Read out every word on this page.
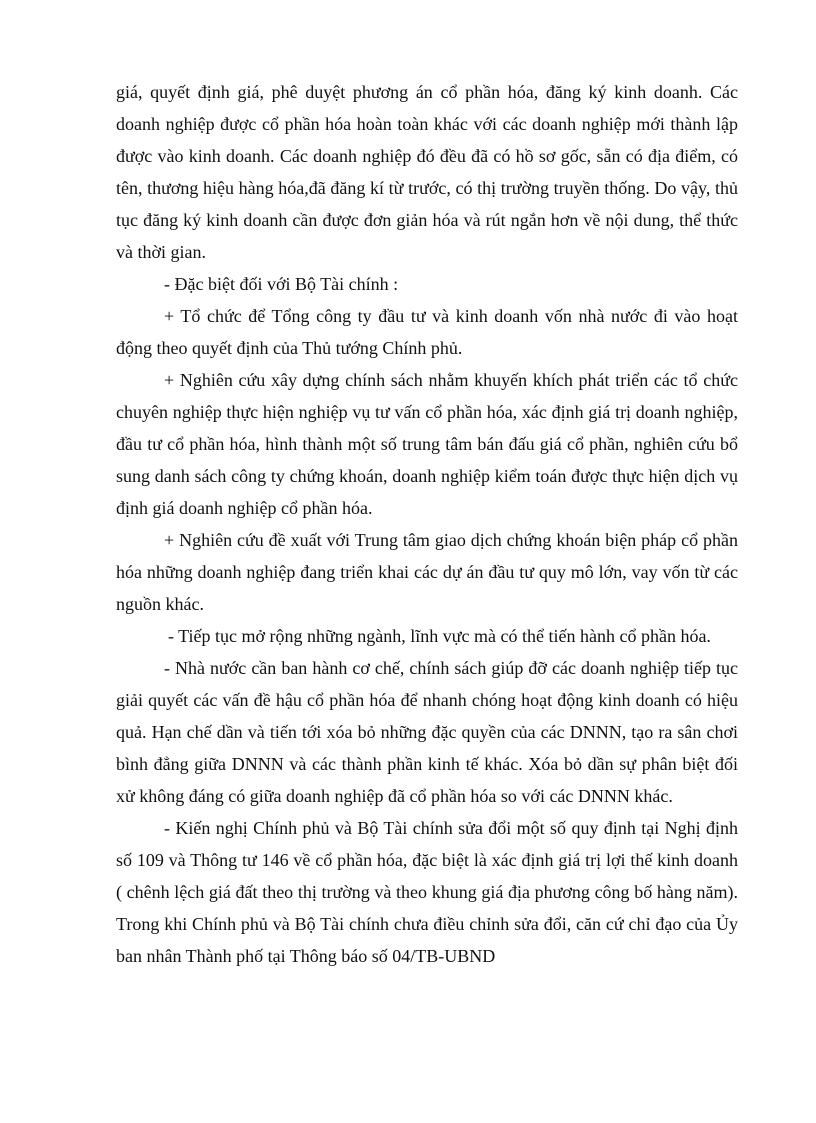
giá, quyết định giá, phê duyệt phương án cổ phần hóa, đăng ký kinh doanh. Các doanh nghiệp được cổ phần hóa hoàn toàn khác với các doanh nghiệp mới thành lập được vào kinh doanh. Các doanh nghiệp đó đều đã có hồ sơ gốc, sẵn có địa điểm, có tên, thương hiệu hàng hóa,đã đăng kí từ trước, có thị trường truyền thống. Do vậy, thủ tục đăng ký kinh doanh cần được đơn giản hóa và rút ngắn hơn về nội dung, thể thức và thời gian.

- Đặc biệt đối với Bộ Tài chính :

+ Tổ chức để Tổng công ty đầu tư và kinh doanh vốn nhà nước đi vào hoạt động theo quyết định của Thủ tướng Chính phủ.

+ Nghiên cứu xây dựng chính sách nhằm khuyến khích phát triển các tổ chức chuyên nghiệp thực hiện nghiệp vụ tư vấn cổ phần hóa, xác định giá trị doanh nghiệp, đầu tư cổ phần hóa, hình thành một số trung tâm bán đấu giá cổ phần, nghiên cứu bổ sung danh sách công ty chứng khoán, doanh nghiệp kiểm toán được thực hiện dịch vụ định giá doanh nghiệp cổ phần hóa.

+ Nghiên cứu đề xuất với Trung tâm giao dịch chứng khoán biện pháp cổ phần hóa những doanh nghiệp đang triển khai các dự án đầu tư quy mô lớn, vay vốn từ các nguồn khác.

- Tiếp tục mở rộng những ngành, lĩnh vực mà có thể tiến hành cổ phần hóa.

- Nhà nước cần ban hành cơ chế, chính sách giúp đỡ các doanh nghiệp tiếp tục giải quyết các vấn đề hậu cổ phần hóa để nhanh chóng hoạt động kinh doanh có hiệu quả. Hạn chế dần và tiến tới xóa bỏ những đặc quyền của các DNNN, tạo ra sân chơi bình đẳng giữa DNNN và các thành phần kinh tế khác. Xóa bỏ dần sự phân biệt đối xử không đáng có giữa doanh nghiệp đã cổ phần hóa so với các DNNN khác.

- Kiến nghị Chính phủ và Bộ Tài chính sửa đổi một số quy định tại Nghị định số 109 và Thông tư 146 về cổ phần hóa, đặc biệt là xác định giá trị lợi thế kinh doanh ( chênh lệch giá đất theo thị trường và theo khung giá địa phương công bố hàng năm). Trong khi Chính phủ và Bộ Tài chính chưa điều chỉnh sửa đổi, căn cứ chỉ đạo của Ủy ban nhân Thành phố tại Thông báo số 04/TB-UBND
